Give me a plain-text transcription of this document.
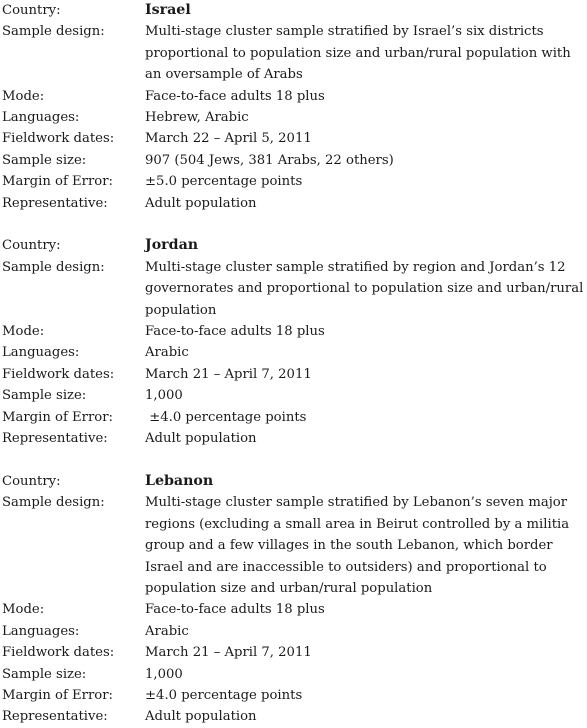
Country:	Israel
Sample design:	Multi-stage cluster sample stratified by Israel’s six districts proportional to population size and urban/rural population with an oversample of Arabs
Mode:	Face-to-face adults 18 plus
Languages:	Hebrew, Arabic
Fieldwork dates:	March 22 – April 5, 2011
Sample size:	907 (504 Jews, 381 Arabs, 22 others)
Margin of Error:	±5.0 percentage points
Representative:	Adult population
Country:	Jordan
Sample design:	Multi-stage cluster sample stratified by region and Jordan’s 12 governorates and proportional to population size and urban/rural population
Mode:	Face-to-face adults 18 plus
Languages:	Arabic
Fieldwork dates:	March 21 – April 7, 2011
Sample size:	1,000
Margin of Error:	±4.0 percentage points
Representative:	Adult population
Country:	Lebanon
Sample design:	Multi-stage cluster sample stratified by Lebanon’s seven major regions (excluding a small area in Beirut controlled by a militia group and a few villages in the south Lebanon, which border Israel and are inaccessible to outsiders) and proportional to population size and urban/rural population
Mode:	Face-to-face adults 18 plus
Languages:	Arabic
Fieldwork dates:	March 21 – April 7, 2011
Sample size:	1,000
Margin of Error:	±4.0 percentage points
Representative:	Adult population
